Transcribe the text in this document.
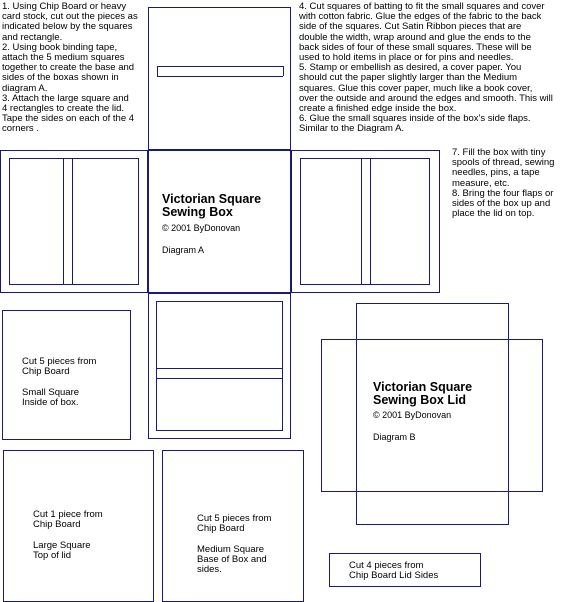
1. Using Chip Board or heavy
card stock, cut out the pieces as
indicated below by the squares
and rectangle.
2. Using book binding tape,
attach the 5 medium squares
together to create the base and
sides of the boxas shown in
diagram A.
3. Attach the large square and
4 rectangles to create the lid.
Tape the sides on each of the 4
corners .
4. Cut squares of batting to fit the small squares and cover
with cotton fabric. Glue the edges of the fabric to the back
side of the squares. Cut Satin Ribbon pieces that are
double the width, wrap around and glue the ends to the
back sides of four of these small squares. These will be
used to hold items in place or for pins and needles.
5. Stamp or embellish as desired, a cover paper. You
should cut the paper slightly larger than the Medium
squares. Glue this cover paper, much like a book cover,
over the outside and around the edges and smooth. This will
create a finished edge inside the box.
6. Glue the small squares inside of the box's side flaps.
Similar to the Diagram A.
7. Fill the box with tiny
spools of thread, sewing
needles, pins, a tape
measure, etc.
8. Bring the four flaps or
sides of the box up and
place the lid on top.
Victorian Square
Sewing Box
© 2001 ByDonovan
Diagram A
Cut 5 pieces from
Chip Board

Small Square
Inside of box.
Victorian Square
Sewing Box Lid
© 2001 ByDonovan
Diagram B
Cut 1 piece from
Chip Board

Large Square
Top of lid
Cut 5 pieces from
Chip Board

Medium Square
Base of Box and
sides.	Cut 4 pieces from
Chip Board Lid Sides
